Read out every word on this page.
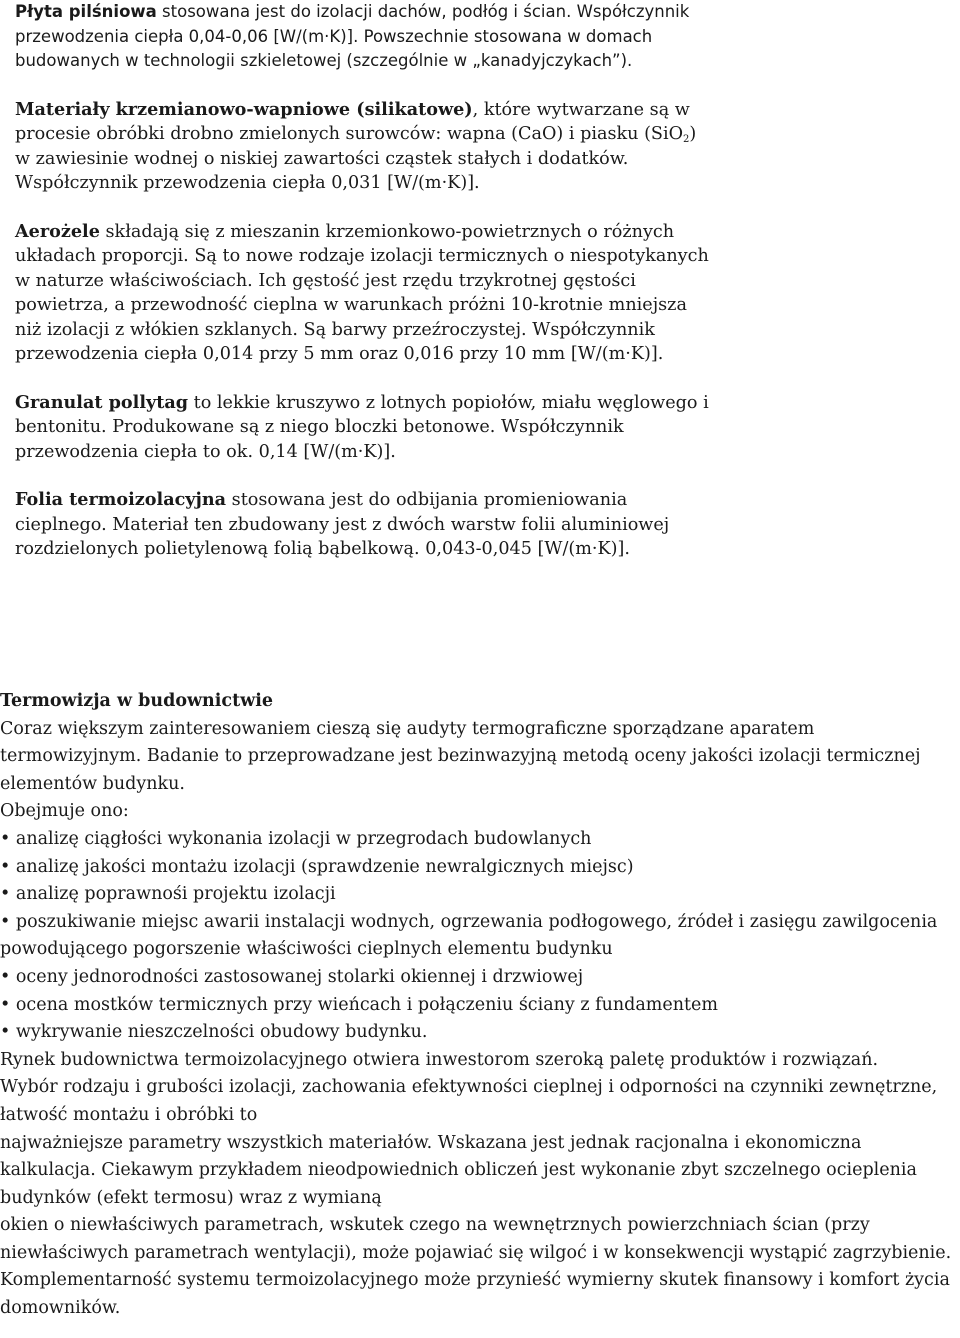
Płyta pilśniowa stosowana jest do izolacji dachów, podłóg i ścian. Współczynnik przewodzenia ciepła 0,04-0,06 [W/(m·K)]. Powszechnie stosowana w domach budowanych w technologii szkieletowej (szczególnie w „kanadyjczykach”).

Materiały krzemianowo-wapniowe (silikatowe), które wytwarzane są w procesie obróbki drobno zmielonych surowców: wapna (CaO) i piasku (SiO$_2$) w zawiesinie wodnej o niskiej zawartości cząstek stałych i dodatków. Współczynnik przewodzenia ciepła 0,031 [W/(m·K)].

Aerożele składają się z mieszanin krzemionkowo-powietrznych o różnych układach proporcji. Są to nowe rodzaje izolacji termicznych o niespotykanych w naturze właściwościach. Ich gęstość jest rzędu trzykrotnej gęstości powietrza, a przewodność cieplna w warunkach próżni 10-krotnie mniejsza niż izolacji z włókien szklanych. Są barwy przeźroczystej. Współczynnik przewodzenia ciepła 0,014 przy 5 mm oraz 0,016 przy 10 mm [W/(m·K)].

Granulat pollytag to lekkie kruszywo z lotnych popiołów, miału węglowego i bentonitu. Produkowane są z niego bloczki betonowe. Współczynnik przewodzenia ciepła to ok. 0,14 [W/(m·K)].

Folia termoizolacyjna stosowana jest do odbijania promieniowania cieplnego. Materiał ten zbudowany jest z dwóch warstw folii aluminiowej rozdzielonych polietylenową folią bąbelkową. 0,043-0,045 [W/(m·K)].

Termowizja w budownictwie

Coraz większym zainteresowaniem cieszą się audyty termograficzne sporządzane aparatem termowizyjnym. Badanie to przeprowadzane jest bezinwazyjną metodą oceny jakości izolacji termicznej elementów budynku.

Obejmuje ono:

• analizę ciągłości wykonania izolacji w przegrodach budowlanych

• analizę jakości montażu izolacji (sprawdzenie newralgicznych miejsc)

• analizę poprawnośi projektu izolacji

• poszukiwanie miejsc awarii instalacji wodnych, ogrzewania podłogowego, źródeł i zasięgu zawilgocenia powodującego pogorszenie właściwości cieplnych elementu budynku

• oceny jednorodności zastosowanej stolarki okiennej i drzwiowej

• ocena mostków termicznych przy wieńcach i połączeniu ściany z fundamentem

• wykrywanie nieszczelności obudowy budynku.

Rynek budownictwa termoizolacyjnego otwiera inwestorom szeroką paletę produktów i rozwiązań.

Wybór rodzaju i grubości izolacji, zachowania efektywności cieplnej i odporności na czynniki zewnętrzne, łatwość montażu i obróbki to

najważniejsze parametry wszystkich materiałów. Wskazana jest jednak racjonalna i ekonomiczna kalkulacja. Ciekawym przykładem nieodpowiednich obliczeń jest wykonanie zbyt szczelnego ocieplenia budynków (efekt termosu) wraz z wymianą

okien o niewłaściwych parametrach, wskutek czego na wewnętrznych powierzchniach ścian (przy niewłaściwych parametrach wentylacji), może pojawiać się wilgoć i w konsekwencji wystąpić zagrzybienie. Komplementarność systemu termoizolacyjnego może przynieść wymierny skutek finansowy i komfort życia domowników.
